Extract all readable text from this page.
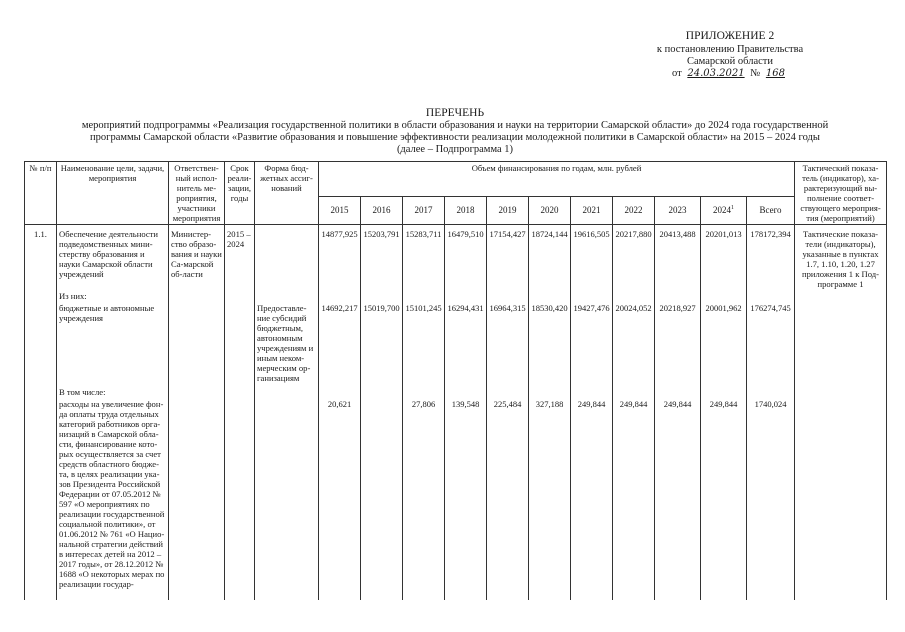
ПРИЛОЖЕНИЕ 2
к постановлению Правительства
Самарской области
от 24.03.2021 № 168
ПЕРЕЧЕНЬ
мероприятий подпрограммы «Реализация государственной политики в области образования и науки на территории Самарской области» до 2024 года государственной
программы Самарской области «Развитие образования и повышение эффективности реализации молодежной политики в Самарской области» на 2015 – 2024 годы
(далее – Подпрограмма 1)
№ п/п	Наименование цели, задачи, мероприятия	Ответствен-ный испол-нитель ме-роприятия, участники мероприятия	Срок реали-зации, годы	Форма бюд-жетных ассиг-нований	Объем финансирования по годам, млн. рублей											Тактический показа-тель (индикатор), ха-рактеризующий вы-полнение соответ-ствующего мероприя-тия (мероприятий)
					2015	2016	2017	2018	2019	2020	2021	2022	2023	2024$^1$	Всего	
1.1.	Обеспечение деятельности подведомственных мини-стерству образования и науки Самарской области учреждений	Министер-ство образо-вания и науки Са-марской об-ласти	2015 – 2024		14877,925	15203,791	15283,711	16479,510	17154,427	18724,144	19616,505	20217,880	20413,488	20201,013	178172,394	Тактические показа-тели (индикаторы), указанные в пунктах 1.7, 1.10, 1.20, 1.27 приложения 1 к Под-программе 1
	Из них:															
	бюджетные и автономные учреждения			Предоставле-ние субсидий бюджетным, автономным учреждениям и иным неком-мерческим ор-ганизациям	14692,217	15019,700	15101,245	16294,431	16964,315	18530,420	19427,476	20024,052	20218,927	20001,962	176274,745	
	В том числе:															
	расходы на увеличение фон-да оплаты труда отдельных категорий работников орга-низаций в Самарской обла-сти, финансирование кото-рых осуществляется за счет средств областного бюдже-та, в целях реализации ука-зов Президента Российской Федерации от 07.05.2012 № 597 «О мероприятиях по реализации государственной социальной политики», от 01.06.2012 № 761 «О Нацио-нальной стратегии действий в интересах детей на 2012 – 2017 годы», от 28.12.2012 № 1688 «О некоторых мерах по реализации государ-				20,621		27,806	139,548	225,484	327,188	249,844	249,844	249,844	249,844	1740,024	
